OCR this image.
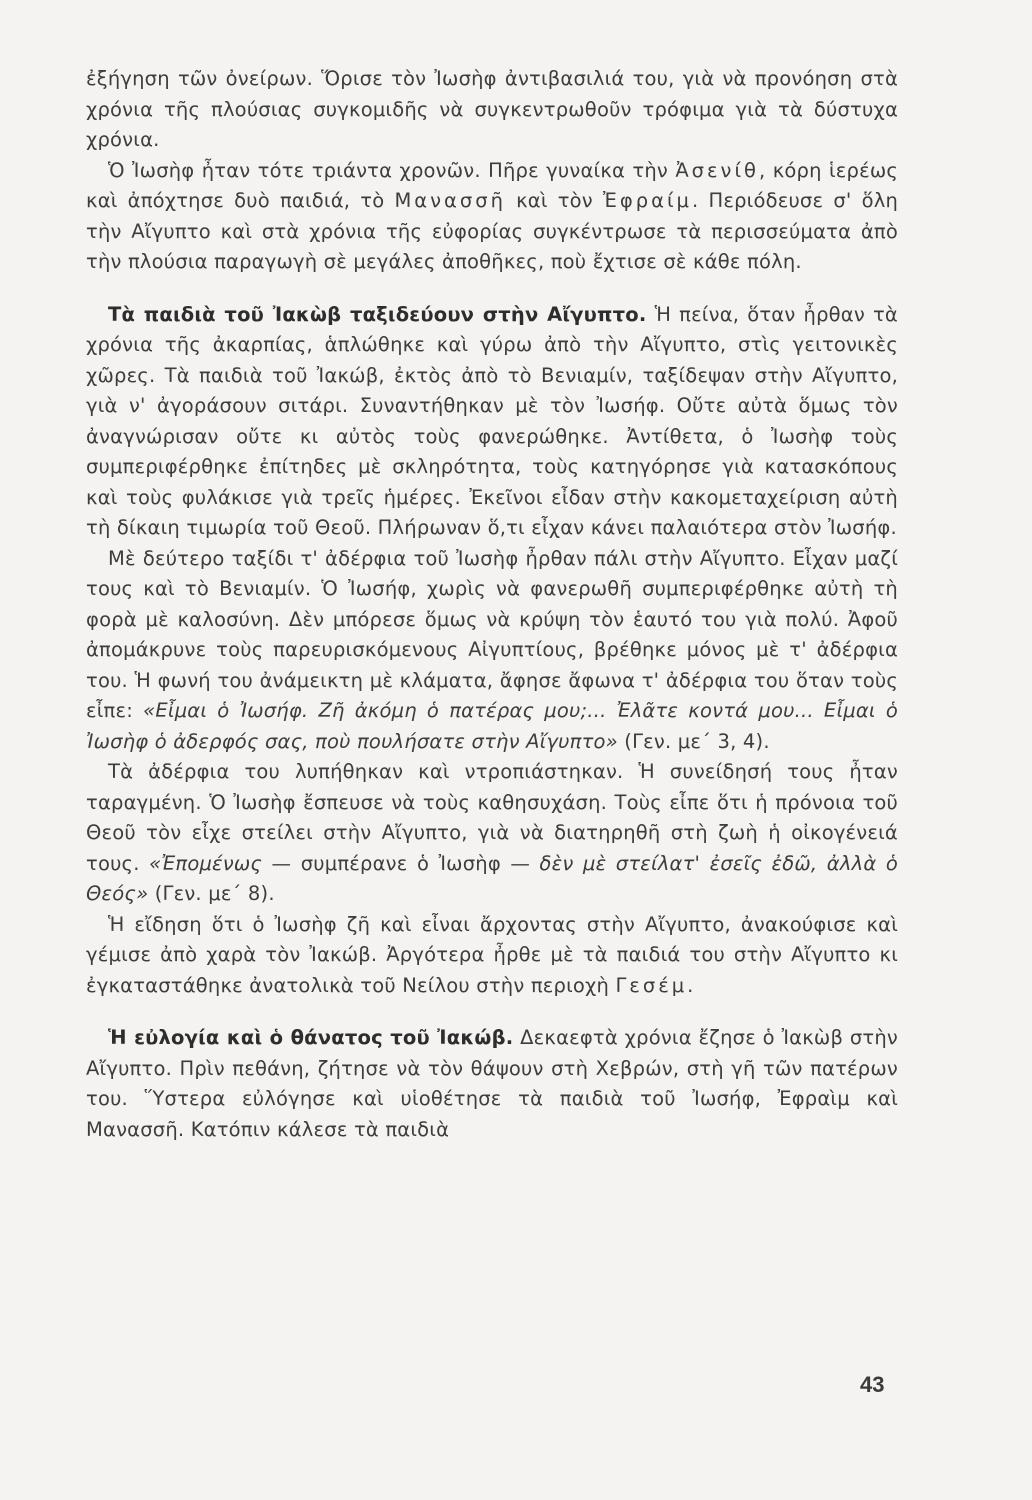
ἐξήγηση τῶν ὀνείρων. Ὅρισε τὸν Ἰωσὴφ ἀντιβασιλιά του, γιὰ νὰ προνόηση στὰ χρόνια τῆς πλούσιας συγκομιδῆς νὰ συγκεντρωθοῦν τρόφιμα γιὰ τὰ δύστυχα χρόνια.

Ὁ Ἰωσὴφ ἦταν τότε τριάντα χρονῶν. Πῆρε γυναίκα τὴν Ἀσενίθ, κόρη ἱερέως καὶ ἀπόχτησε δυὸ παιδιά, τὸ Μανασσῆ καὶ τὸν Ἐφραίμ. Περιόδευσε σ' ὅλη τὴν Αἴγυπτο καὶ στὰ χρόνια τῆς εὐφορίας συγκέντρωσε τὰ περισσεύματα ἀπὸ τὴν πλούσια παραγωγὴ σὲ μεγάλες ἀποθῆκες, ποὺ ἔχτισε σὲ κάθε πόλη.

Τὰ παιδιὰ τοῦ Ἰακὼβ ταξιδεύουν στὴν Αἴγυπτο. Ἡ πείνα, ὅταν ἦρθαν τὰ χρόνια τῆς ἀκαρπίας, ἁπλώθηκε καὶ γύρω ἀπὸ τὴν Αἴγυπτο, στὶς γειτονικὲς χῶρες. Τὰ παιδιὰ τοῦ Ἰακώβ, ἐκτὸς ἀπὸ τὸ Βενιαμίν, ταξίδεψαν στὴν Αἴγυπτο, γιὰ ν' ἀγοράσουν σιτάρι. Συναντήθηκαν μὲ τὸν Ἰωσήφ. Οὔτε αὐτὰ ὅμως τὸν ἀναγνώρισαν οὔτε κι αὐτὸς τοὺς φανερώθηκε. Ἀντίθετα, ὁ Ἰωσὴφ τοὺς συμπεριφέρθηκε ἐπίτηδες μὲ σκληρότητα, τοὺς κατηγόρησε γιὰ κατασκόπους καὶ τοὺς φυλάκισε γιὰ τρεῖς ἡμέρες. Ἐκεῖνοι εἶδαν στὴν κακομεταχείριση αὐτὴ τὴ δίκαιη τιμωρία τοῦ Θεοῦ. Πλήρωναν ὅ,τι εἶχαν κάνει παλαιότερα στὸν Ἰωσήφ.

Μὲ δεύτερο ταξίδι τ' ἀδέρφια τοῦ Ἰωσὴφ ἦρθαν πάλι στὴν Αἴγυπτο. Εἶχαν μαζί τους καὶ τὸ Βενιαμίν. Ὁ Ἰωσήφ, χωρὶς νὰ φανερωθῆ συμπεριφέρθηκε αὐτὴ τὴ φορὰ μὲ καλοσύνη. Δὲν μπόρεσε ὅμως νὰ κρύψη τὸν ἑαυτό του γιὰ πολύ. Ἀφοῦ ἀπομάκρυνε τοὺς παρευρισκόμενους Αἰγυπτίους, βρέθηκε μόνος μὲ τ' ἀδέρφια του. Ἡ φωνή του ἀνάμεικτη μὲ κλάματα, ἄφησε ἄφωνα τ' ἀδέρφια του ὅταν τοὺς εἶπε: «Εἶμαι ὁ Ἰωσήφ. Ζῆ ἀκόμη ὁ πατέρας μου;... Ἐλᾶτε κοντά μου... Εἶμαι ὁ Ἰωσὴφ ὁ ἀδερφός σας, ποὺ πουλήσατε στὴν Αἴγυπτο» (Γεν. με΄ 3, 4).

Τὰ ἀδέρφια του λυπήθηκαν καὶ ντροπιάστηκαν. Ἡ συνείδησή τους ἦταν ταραγμένη. Ὁ Ἰωσὴφ ἔσπευσε νὰ τοὺς καθησυχάση. Τοὺς εἶπε ὅτι ἡ πρόνοια τοῦ Θεοῦ τὸν εἶχε στείλει στὴν Αἴγυπτο, γιὰ νὰ διατηρηθῆ στὴ ζωὴ ἡ οἰκογένειά τους. «Ἐπομένως — συμπέρανε ὁ Ἰωσὴφ — δὲν μὲ στείλατ' ἐσεῖς ἐδῶ, ἀλλὰ ὁ Θεός» (Γεν. με΄ 8).

Ἡ εἴδηση ὅτι ὁ Ἰωσὴφ ζῆ καὶ εἶναι ἄρχοντας στὴν Αἴγυπτο, ἀνακούφισε καὶ γέμισε ἀπὸ χαρὰ τὸν Ἰακώβ. Ἀργότερα ἦρθε μὲ τὰ παιδιά του στὴν Αἴγυπτο κι ἐγκαταστάθηκε ἀνατολικὰ τοῦ Νείλου στὴν περιοχὴ Γεσέμ.

Ἡ εὐλογία καὶ ὁ θάνατος τοῦ Ἰακώβ. Δεκαεφτὰ χρόνια ἔζησε ὁ Ἰακὼβ στὴν Αἴγυπτο. Πρὶν πεθάνη, ζήτησε νὰ τὸν θάψουν στὴ Χεβρών, στὴ γῆ τῶν πατέρων του. Ὕστερα εὐλόγησε καὶ υἱοθέτησε τὰ παιδιὰ τοῦ Ἰωσήφ, Ἐφραὶμ καὶ Μανασσῆ. Κατόπιν κάλεσε τὰ παιδιὰ

43
